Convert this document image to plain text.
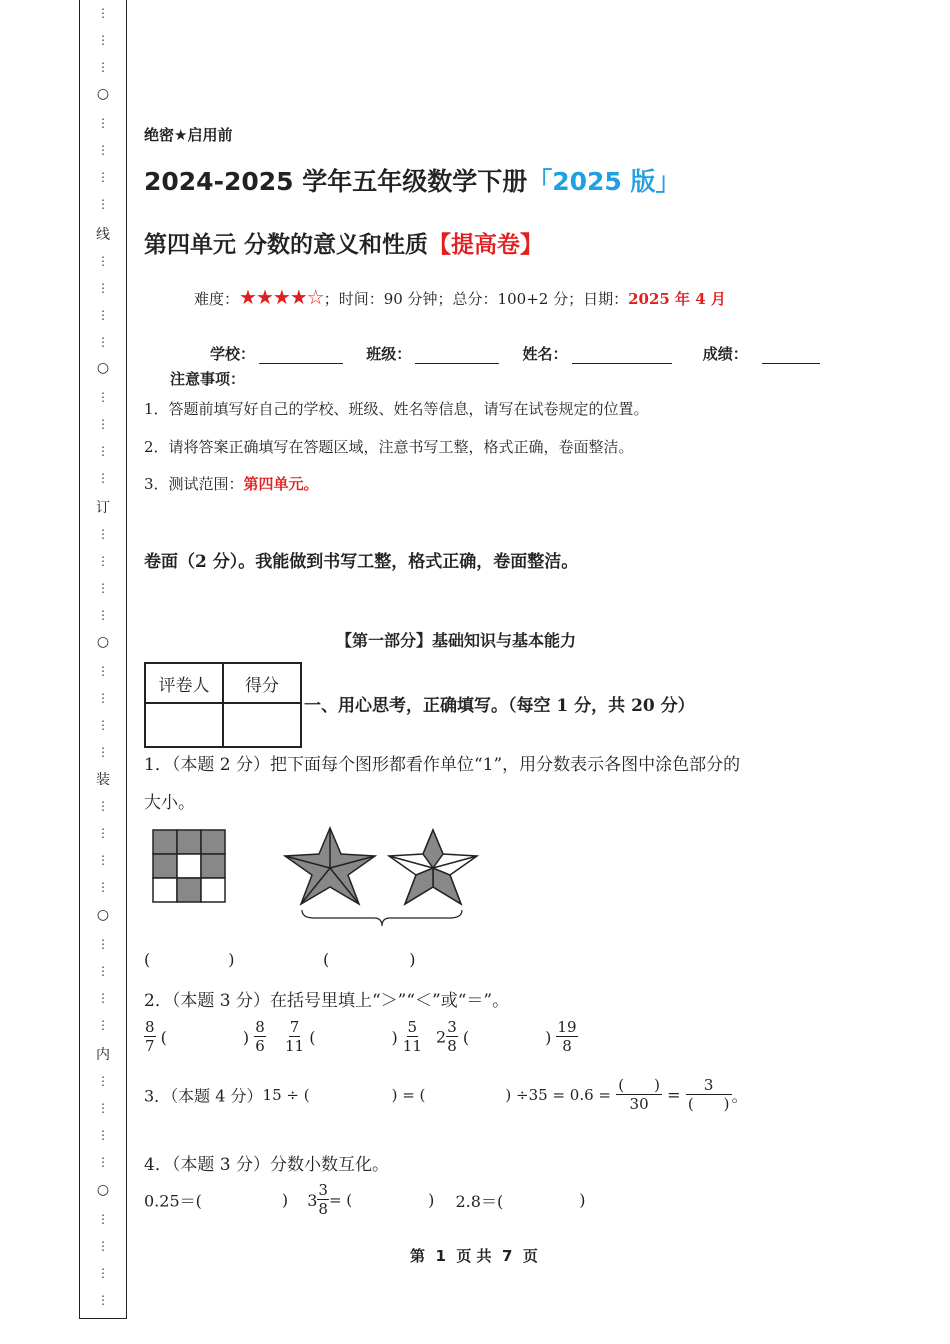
⋮
⋮
⋮
○
⋮
⋮
⋮
⋮
线
⋮
⋮
⋮
⋮
○
⋮
⋮
⋮
⋮
订
⋮
⋮
⋮
⋮
○
⋮
⋮
⋮
⋮
装
⋮
⋮
⋮
⋮
○
⋮
⋮
⋮
⋮
内
⋮
⋮
⋮
⋮
○
⋮
⋮
⋮
⋮
绝密★启用前
2024-2025 学年五年级数学下册「2025 版」
第四单元 分数的意义和性质【提高卷】
难度：★★★★☆；时间：90 分钟；总分：100+2 分；日期：2025 年 4 月
学校：	班级：	姓名：	成绩：
注意事项：
1．答题前填写好自己的学校、班级、姓名等信息，请写在试卷规定的位置。
2．请将答案正确填写在答题区域，注意书写工整，格式正确，卷面整洁。
3．测试范围：第四单元。
卷面（2 分）。我能做到书写工整，格式正确，卷面整洁。
【第一部分】基础知识与基本能力
评卷人	得分

一、用心思考，正确填写。（每空 1 分，共 20 分）
1．（本题 2 分）把下面每个图形都看作单位“1”，用分数表示各图中涂色部分的
大小。
(	)	(	)
2．（本题 3 分）在括号里填上“＞”“＜”或“＝”。
$\frac{8}{7}$ (	) $\frac{8}{6} \frac{7}{11}$ (	) $\frac{5}{11} 2 \frac{3}{8}$ (	) $\frac{19}{8}$
3．（本题 4 分）15 ÷ (	) = (	) $\div 35 = 0.6 = \frac{( )}{30} = \frac{3}{( )}$ 。
4．（本题 3 分）分数小数互化。
0.25＝(	) $3 \frac{3}{8}$ = (	) 2.8＝(	)
第  1  页 共  7  页
